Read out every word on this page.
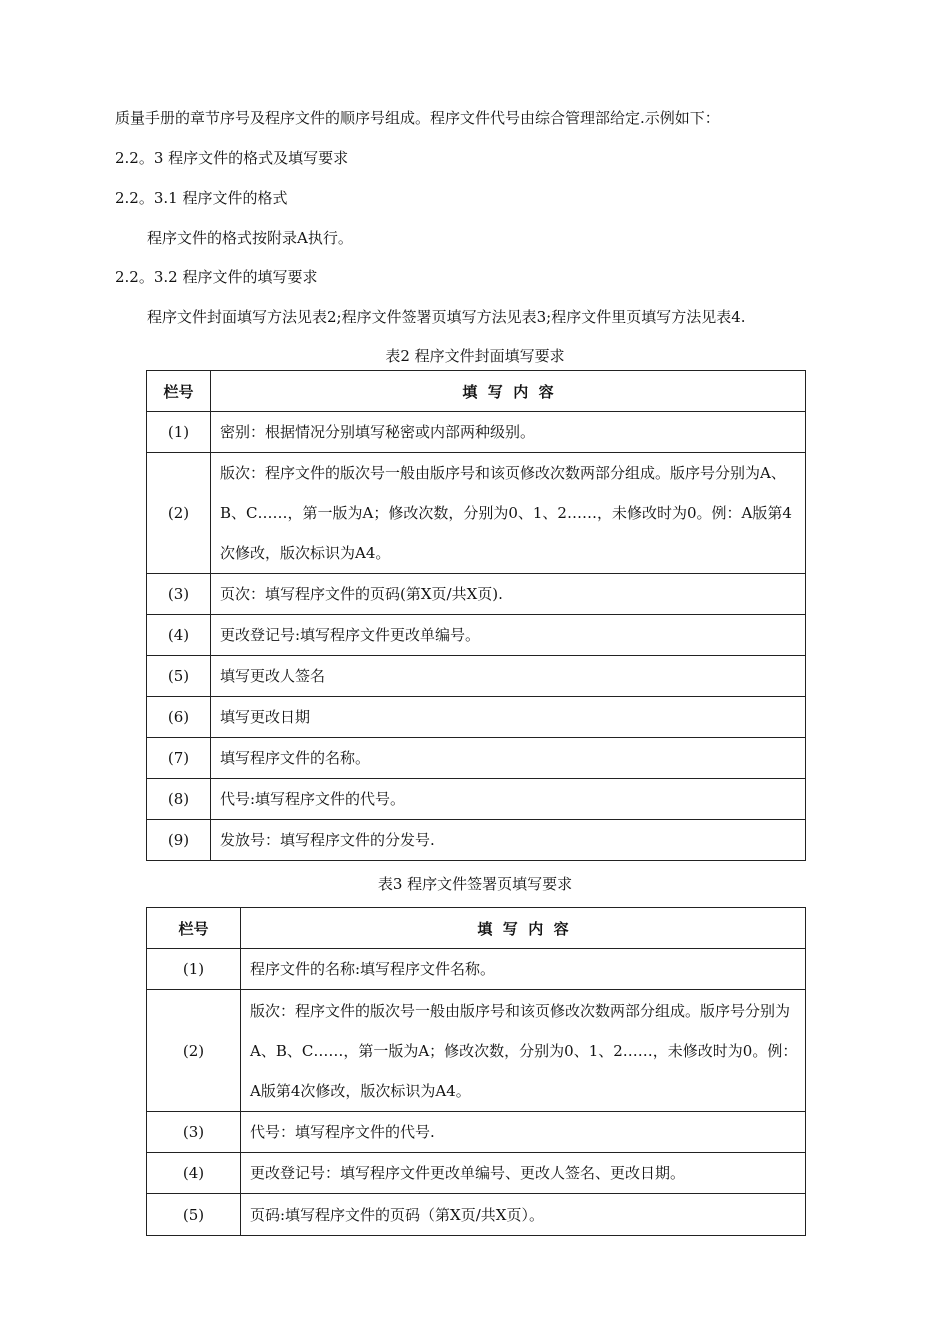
质量手册的章节序号及程序文件的顺序号组成。程序文件代号由综合管理部给定.示例如下：
2.2。3 程序文件的格式及填写要求
2.2。3.1 程序文件的格式
程序文件的格式按附录A执行。
2.2。3.2 程序文件的填写要求
程序文件封面填写方法见表2;程序文件签署页填写方法见表3;程序文件里页填写方法见表4.
表2 程序文件封面填写要求
栏号	填  写  内  容
(1)	密别：根据情况分别填写秘密或内部两种级别。
(2)	版次：程序文件的版次号一般由版序号和该页修改次数两部分组成。版序号分别为A、B、C……，第一版为A；修改次数，分别为0、1、2……，未修改时为0。例：A版第4次修改，版次标识为A4。
(3)	页次：填写程序文件的页码(第X页/共X页).
(4)	更改登记号:填写程序文件更改单编号。
(5)	填写更改人签名
(6)	填写更改日期
(7)	填写程序文件的名称。
(8)	代号:填写程序文件的代号。
(9)	发放号：填写程序文件的分发号.
表3 程序文件签署页填写要求
栏号	填  写  内  容
(1)	程序文件的名称:填写程序文件名称。
(2)	版次：程序文件的版次号一般由版序号和该页修改次数两部分组成。版序号分别为A、B、C……，第一版为A；修改次数，分别为0、1、2……，未修改时为0。例：A版第4次修改，版次标识为A4。
(3)	代号：填写程序文件的代号.
(4)	更改登记号：填写程序文件更改单编号、更改人签名、更改日期。
(5)	页码:填写程序文件的页码（第X页/共X页）。
